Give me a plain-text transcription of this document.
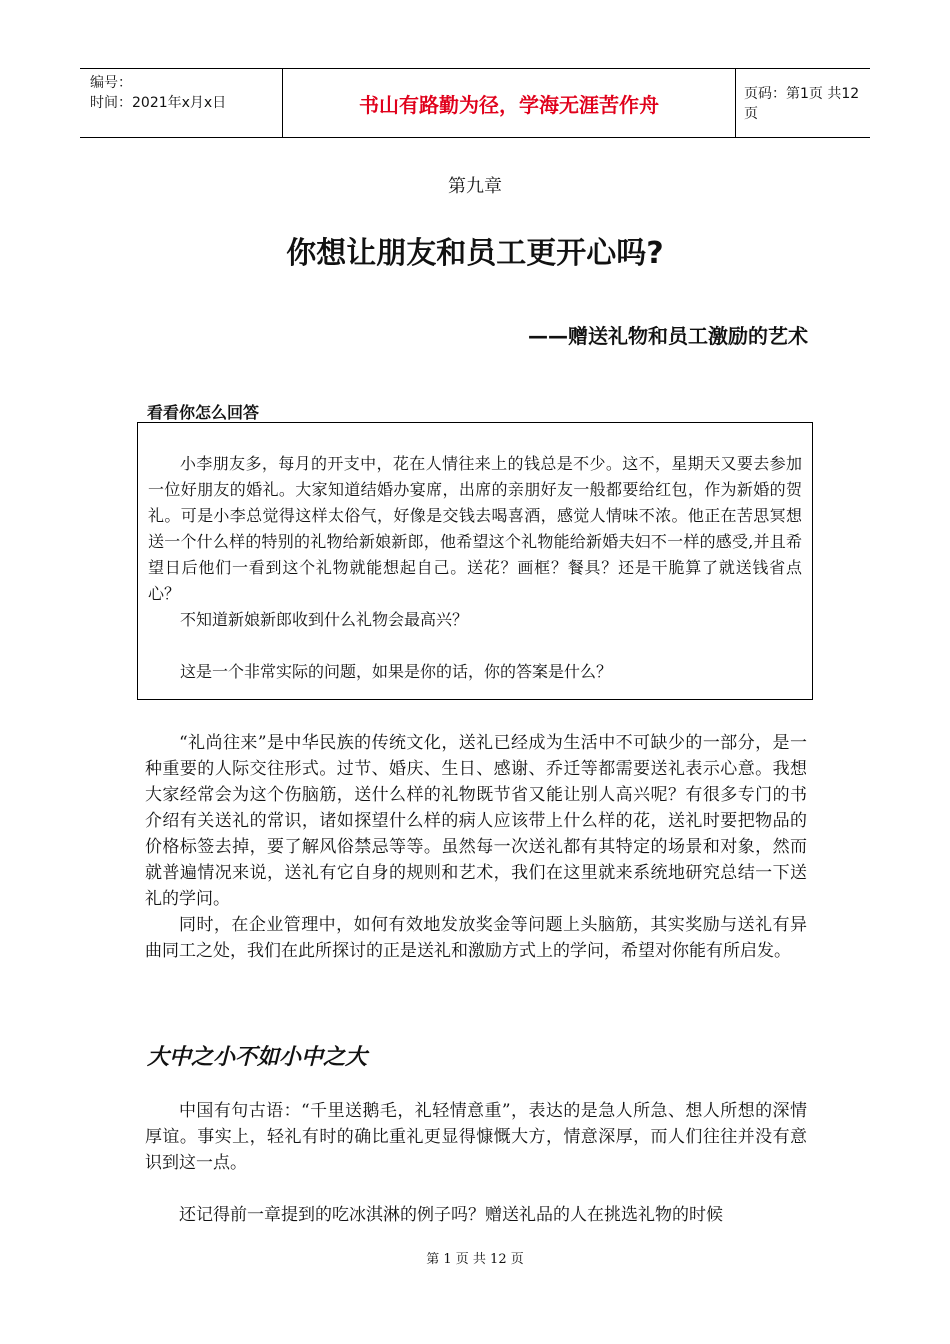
编号：
时间：2021年x月x日	书山有路勤为径，学海无涯苦作舟	页码：第1页 共12页
第九章
你想让朋友和员工更开心吗?
——赠送礼物和员工激励的艺术
看看你怎么回答

小李朋友多，每月的开支中，花在人情往来上的钱总是不少。这不，星期天又要去参加一位好朋友的婚礼。大家知道结婚办宴席，出席的亲朋好友一般都要给红包，作为新婚的贺礼。可是小李总觉得这样太俗气，好像是交钱去喝喜酒，感觉人情味不浓。他正在苦思冥想送一个什么样的特别的礼物给新娘新郎，他希望这个礼物能给新婚夫妇不一样的感受,并且希望日后他们一看到这个礼物就能想起自己。送花？画框？餐具？还是干脆算了就送钱省点心？

不知道新娘新郎收到什么礼物会最高兴？

这是一个非常实际的问题，如果是你的话，你的答案是什么？

“礼尚往来”是中华民族的传统文化，送礼已经成为生活中不可缺少的一部分，是一种重要的人际交往形式。过节、婚庆、生日、感谢、乔迁等都需要送礼表示心意。我想大家经常会为这个伤脑筋，送什么样的礼物既节省又能让别人高兴呢？有很多专门的书介绍有关送礼的常识，诸如探望什么样的病人应该带上什么样的花，送礼时要把物品的价格标签去掉，要了解风俗禁忌等等。虽然每一次送礼都有其特定的场景和对象，然而就普遍情况来说，送礼有它自身的规则和艺术，我们在这里就来系统地研究总结一下送礼的学问。

同时，在企业管理中，如何有效地发放奖金等问题上头脑筋，其实奖励与送礼有异曲同工之处，我们在此所探讨的正是送礼和激励方式上的学问，希望对你能有所启发。

大中之小不如小中之大

中国有句古语：“千里送鹅毛，礼轻情意重”，表达的是急人所急、想人所想的深情厚谊。事实上，轻礼有时的确比重礼更显得慷慨大方，情意深厚，而人们往往并没有意识到这一点。

还记得前一章提到的吃冰淇淋的例子吗？赠送礼品的人在挑选礼物的时候

第 1 页 共 12 页
